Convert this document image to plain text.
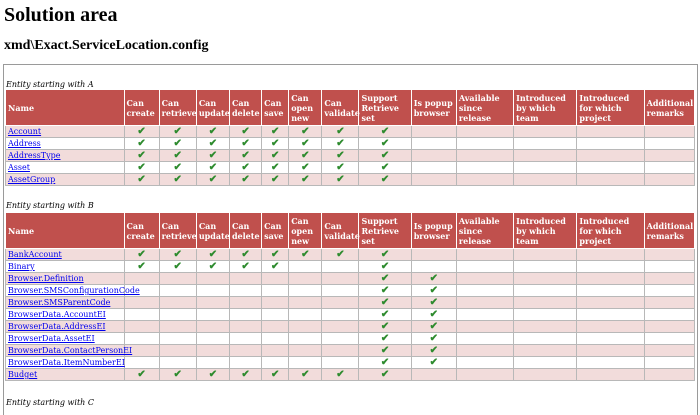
Solution area
xmd\Exact.ServiceLocation.config
Entity starting with A
Name	Can create	Can retrieve	Can update	Can delete	Can save	Can open new	Can validate	Support Retrieve set	Is popup browser	Available since release	Introduced by which team	Introduced for which project	Additional remarks
Account	✔	✔	✔	✔	✔	✔	✔	✔					
Address	✔	✔	✔	✔	✔	✔	✔	✔					
AddressType	✔	✔	✔	✔	✔	✔	✔	✔					
Asset	✔	✔	✔	✔	✔	✔	✔	✔					
AssetGroup	✔	✔	✔	✔	✔	✔	✔	✔					
Entity starting with B
Name	Can create	Can retrieve	Can update	Can delete	Can save	Can open new	Can validate	Support Retrieve set	Is popup browser	Available since release	Introduced by which team	Introduced for which project	Additional remarks
BankAccount	✔	✔	✔	✔	✔	✔	✔	✔					
Binary	✔	✔	✔	✔	✔			✔					
Browser.Definition								✔	✔				
Browser.SMSConfigurationCode								✔	✔				
Browser.SMSParentCode								✔	✔				
BrowserData.AccountEI								✔	✔				
BrowserData.AddressEI								✔	✔				
BrowserData.AssetEI								✔	✔				
BrowserData.ContactPersonEI								✔	✔				
BrowserData.ItemNumberEI								✔	✔				
Budget	✔	✔	✔	✔	✔	✔	✔	✔					
Entity starting with C
